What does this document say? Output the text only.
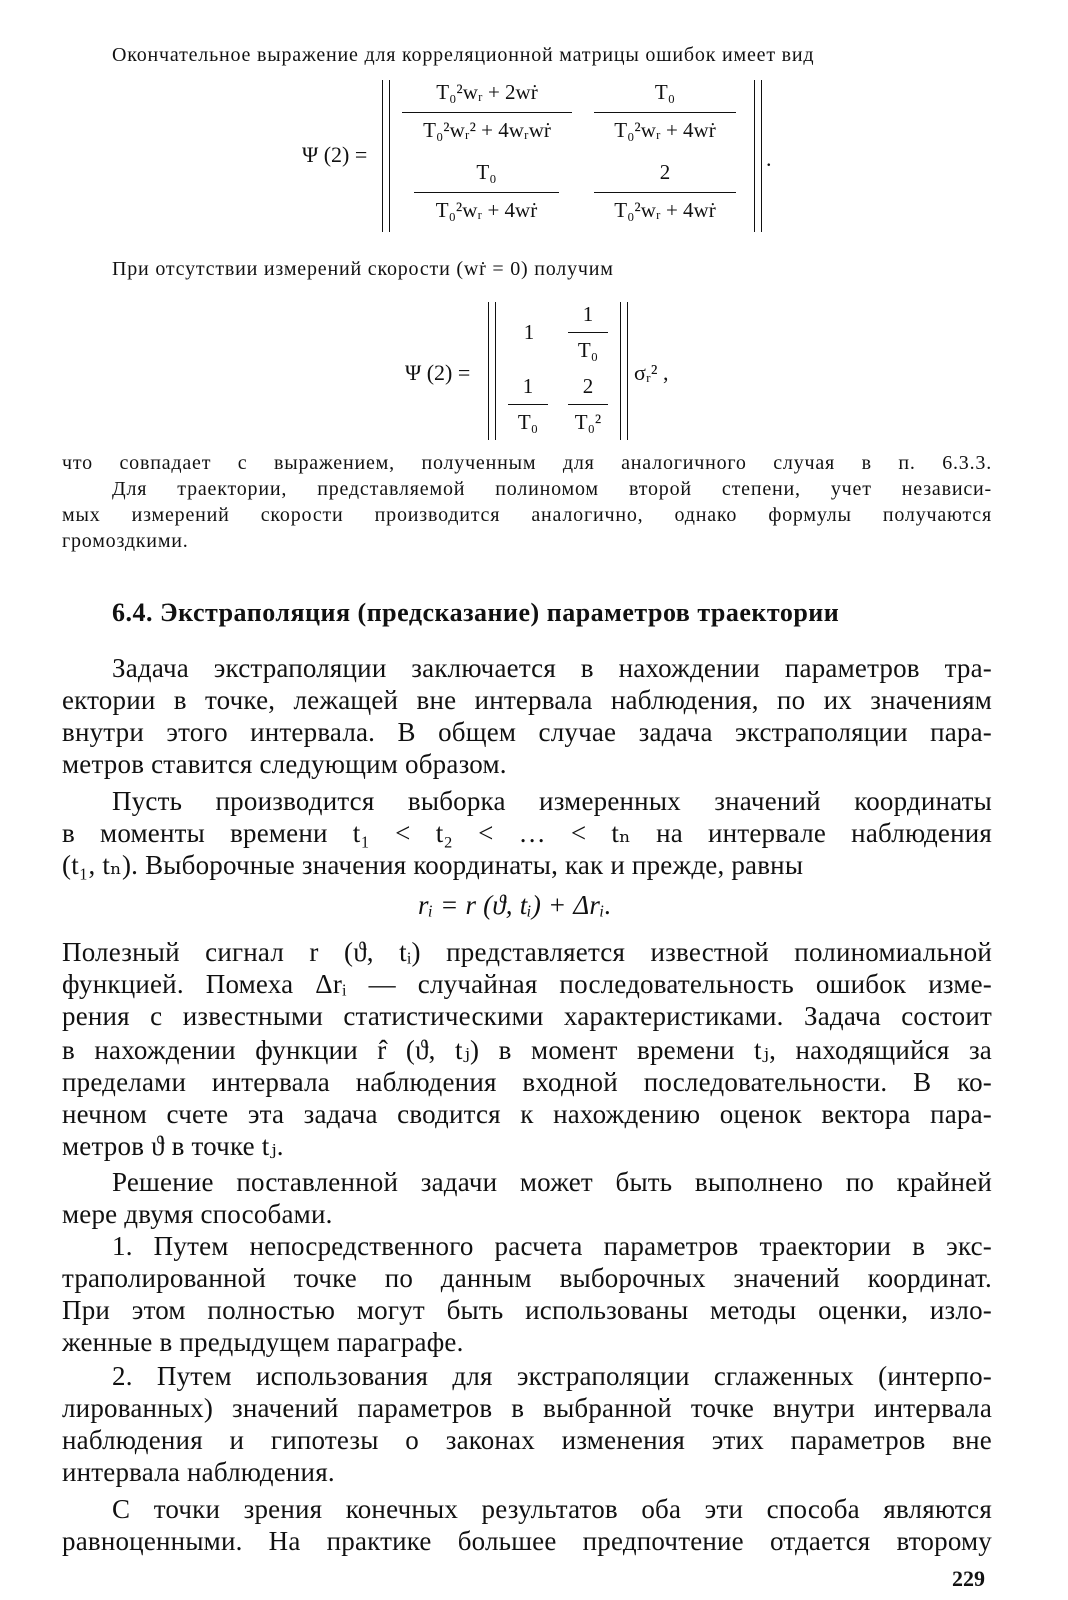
Окончательное выражение для корреляционной матрицы ошибок имеет вид
Ψ (2) =
T₀²wᵣ + 2wṙ
T₀²wᵣ² + 4wᵣwṙ
T₀
T₀²wᵣ + 4wṙ
T₀
T₀²wᵣ + 4wṙ
2
T₀²wᵣ + 4wṙ
.
При отсутствии измерений скорости (wṙ = 0) получим
Ψ (2) =
1
1
T₀
1
T₀
2
T₀²
σᵣ² ,
что совпадает с выражением, полученным для аналогичного случая в п. 6.3.3.
Для траектории, представляемой полиномом второй степени, учет независи-
мых измерений скорости производится аналогично, однако формулы получаются
громоздкими.
6.4. Экстраполяция (предсказание) параметров траектории
Задача экстраполяции заключается в нахождении параметров тра-
ектории в точке, лежащей вне интервала наблюдения, по их значениям
внутри этого интервала. В общем случае задача экстраполяции пара-
метров ставится следующим образом.
Пусть производится выборка измеренных значений координаты
в моменты времени t₁ < t₂ < … < tₙ на интервале наблюдения
(t₁, tₙ). Выборочные значения координаты, как и прежде, равны
rᵢ = r (ϑ, tᵢ) + Δrᵢ.
Полезный сигнал r (ϑ, tᵢ) представляется известной полиномиальной
функцией. Помеха Δrᵢ — случайная последовательность ошибок изме-
рения с известными статистическими характеристиками. Задача состоит
в нахождении функции r̂ (ϑ, tⱼ) в момент времени tⱼ, находящийся за
пределами интервала наблюдения входной последовательности. В ко-
нечном счете эта задача сводится к нахождению оценок вектора пара-
метров ϑ в точке tⱼ.
Решение поставленной задачи может быть выполнено по крайней
мере двумя способами.
1. Путем непосредственного расчета параметров траектории в экс-
траполированной точке по данным выборочных значений координат.
При этом полностью могут быть использованы методы оценки, изло-
женные в предыдущем параграфе.
2. Путем использования для экстраполяции сглаженных (интерпо-
лированных) значений параметров в выбранной точке внутри интервала
наблюдения и гипотезы о законах изменения этих параметров вне
интервала наблюдения.
С точки зрения конечных результатов оба эти способа являются
равноценными. На практике большее предпочтение отдается второму
229
